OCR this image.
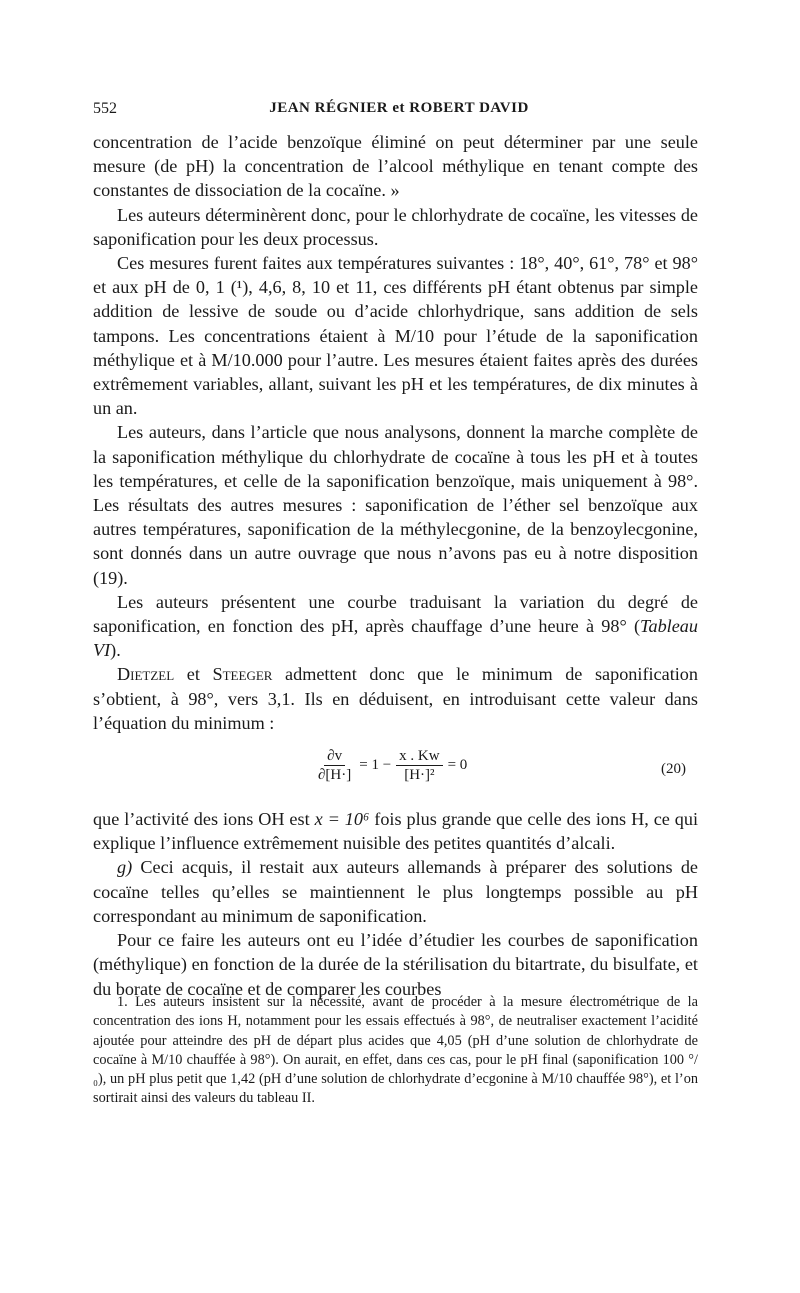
552	JEAN RÉGNIER et ROBERT DAVID

concentration de l’acide benzoïque éliminé on peut déterminer par une seule mesure (de pH) la concentration de l’alcool méthylique en tenant compte des constantes de dissociation de la cocaïne. »

Les auteurs déterminèrent donc, pour le chlorhydrate de cocaïne, les vitesses de saponification pour les deux processus.

Ces mesures furent faites aux températures suivantes : 18°, 40°, 61°, 78° et 98° et aux pH de 0, 1 (¹), 4,6, 8, 10 et 11, ces différents pH étant obtenus par simple addition de lessive de soude ou d’acide chlorhydrique, sans addition de sels tampons. Les concentrations étaient à M/10 pour l’étude de la saponification méthylique et à M/10.000 pour l’autre. Les mesures étaient faites après des durées extrêmement variables, allant, suivant les pH et les températures, de dix minutes à un an.

Les auteurs, dans l’article que nous analysons, donnent la marche complète de la saponification méthylique du chlorhydrate de cocaïne à tous les pH et à toutes les températures, et celle de la saponification benzoïque, mais uniquement à 98°. Les résultats des autres mesures : saponification de l’éther sel benzoïque aux autres températures, saponification de la méthylecgonine, de la benzoylecgonine, sont donnés dans un autre ouvrage que nous n’avons pas eu à notre disposition (19).

Les auteurs présentent une courbe traduisant la variation du degré de saponification, en fonction des pH, après chauffage d’une heure à 98° (Tableau VI).

Dietzel et Steeger admettent donc que le minimum de saponification s’obtient, à 98°, vers 3,1. Ils en déduisent, en introduisant cette valeur dans l’équation du minimum :

$\frac{\partial v}{\partial[H\cdot]} = 1 - \frac{x . Kw}{\text{[H·]²}} = 0$	(20)

que l’activité des ions OH est x = 10⁶ fois plus grande que celle des ions H, ce qui explique l’influence extrêmement nuisible des petites quantités d’alcali.

g) Ceci acquis, il restait aux auteurs allemands à préparer des solutions de cocaïne telles qu’elles se maintiennent le plus longtemps possible au pH correspondant au minimum de saponification.

Pour ce faire les auteurs ont eu l’idée d’étudier les courbes de saponification (méthylique) en fonction de la durée de la stérilisation du bitartrate, du bisulfate, et du borate de cocaïne et de comparer les courbes

1. Les auteurs insistent sur la nécessité, avant de procéder à la mesure électrométrique de la concentration des ions H, notamment pour les essais effectués à 98°, de neutraliser exactement l’acidité ajoutée pour atteindre des pH de départ plus acides que 4,05 (pH d’une solution de chlorhydrate de cocaïne à M/10 chauffée à 98°). On aurait, en effet, dans ces cas, pour le pH final (saponification 100 °/₀), un pH plus petit que 1,42 (pH d’une solution de chlorhydrate d’ecgonine à M/10 chauffée 98°), et l’on sortirait ainsi des valeurs du tableau II.
